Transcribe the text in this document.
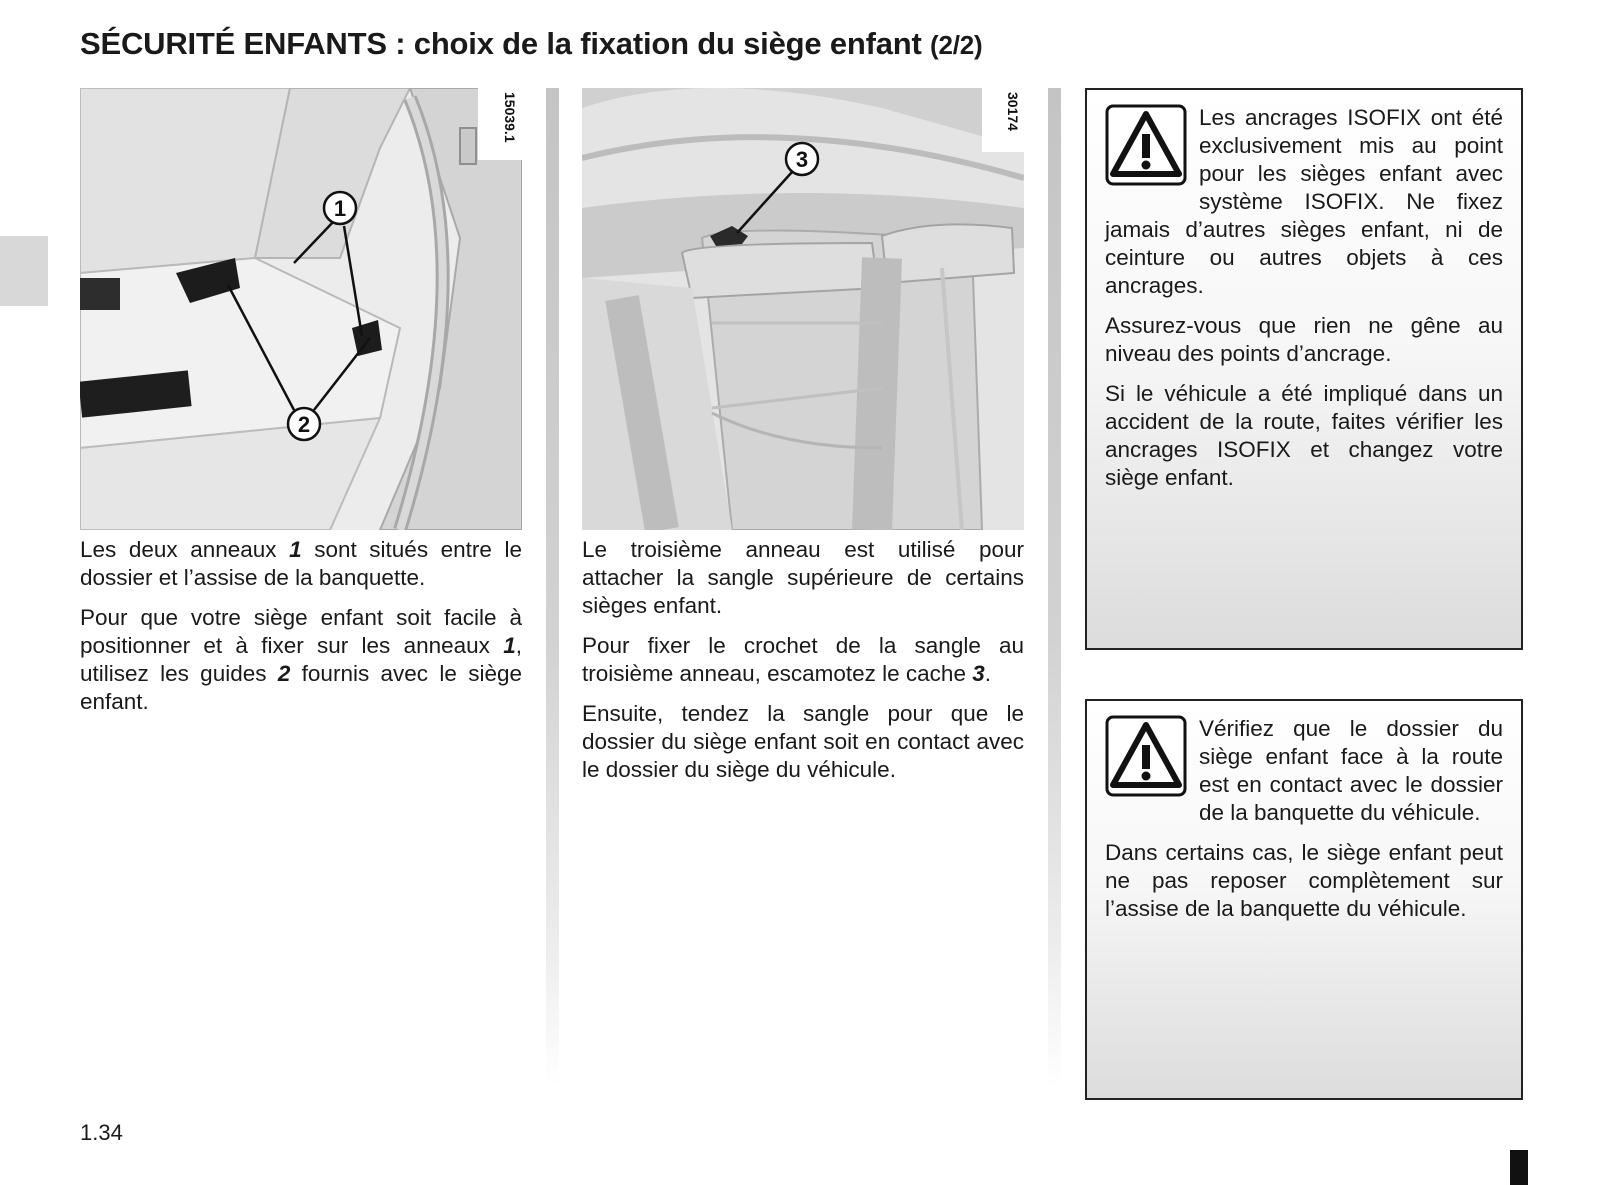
SÉCURITÉ ENFANTS : choix de la fixation du siège enfant (2/2)
1
2
15039.1
3
30174

Les deux anneaux 1 sont situés entre le dossier et l’assise de la banquette.

Pour que votre siège enfant soit facile à positionner et à fixer sur les anneaux 1, utilisez les guides 2 fournis avec le siège enfant.

Le troisième anneau est utilisé pour attacher la sangle supérieure de certains sièges enfant.

Pour fixer le crochet de la sangle au troisième anneau, escamotez le cache 3.

Ensuite, tendez la sangle pour que le dossier du siège enfant soit en contact avec le dossier du siège du véhicule.

Les ancrages ISOFIX ont été exclusivement mis au point pour les sièges enfant avec système ISOFIX. Ne fixez jamais d’autres sièges enfant, ni de ceinture ou autres objets à ces ancrages.

Assurez-vous que rien ne gêne au niveau des points d’ancrage.

Si le véhicule a été impliqué dans un accident de la route, faites vérifier les ancrages ISOFIX et changez votre siège enfant.

Vérifiez que le dossier du siège enfant face à la route est en contact avec le dossier de la banquette du véhicule.

Dans certains cas, le siège enfant peut ne pas reposer complètement sur l’assise de la banquette du véhicule.

1.34
